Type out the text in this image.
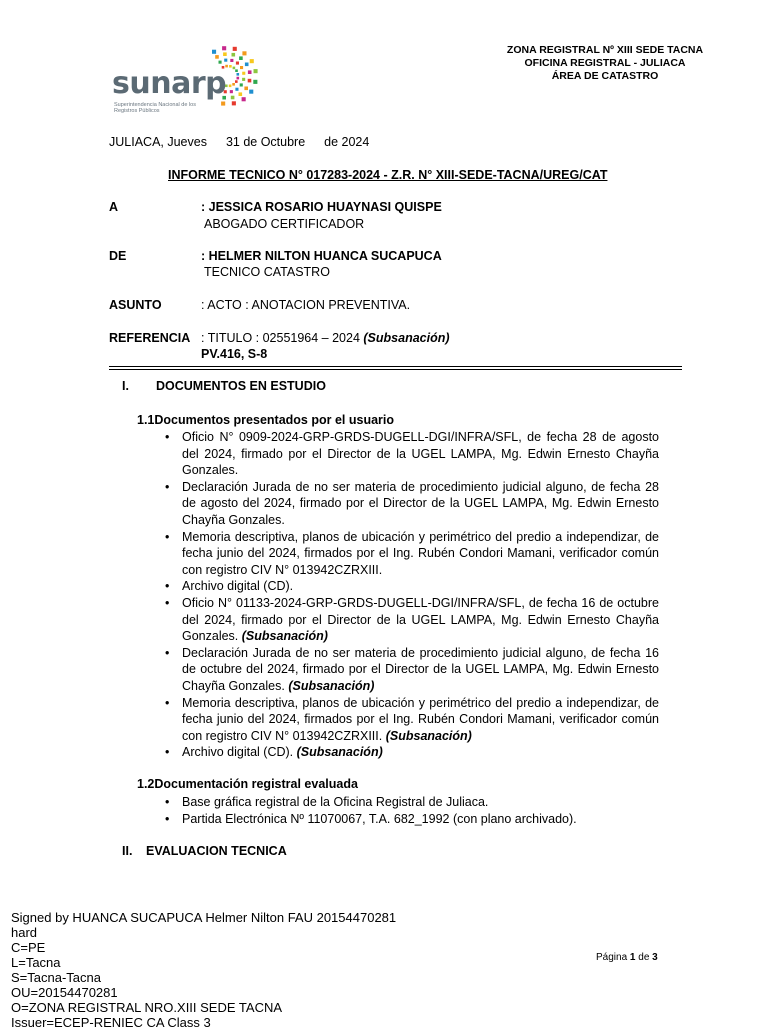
sunarp
Superintendencia Nacional de los Registros Públicos
ZONA REGISTRAL Nº XIII SEDE TACNA
OFICINA REGISTRAL - JULIACA
ÁREA DE CATASTRO
JULIACA, Jueves 31 de Octubre de 2024
INFORME TECNICO N° 017283-2024 - Z.R. N° XIII-SEDE-TACNA/UREG/CAT
A	: JESSICA ROSARIO HUAYNASI QUISPE
ABOGADO CERTIFICADOR
DE	: HELMER NILTON HUANCA SUCAPUCA
TECNICO CATASTRO
ASUNTO	: ACTO : ANOTACION PREVENTIVA.
REFERENCIA : TITULO : 02551964 – 2024 (Subsanación)
PV.416, S-8
I. DOCUMENTOS EN ESTUDIO
1.1Documentos presentados por el usuario
• Oficio N° 0909-2024-GRP-GRDS-DUGELL-DGI/INFRA/SFL, de fecha 28 de agosto del 2024, firmado por el Director de la UGEL LAMPA, Mg. Edwin Ernesto Chayña Gonzales.
• Declaración Jurada de no ser materia de procedimiento judicial alguno, de fecha 28 de agosto del 2024, firmado por el Director de la UGEL LAMPA, Mg. Edwin Ernesto Chayña Gonzales.
• Memoria descriptiva, planos de ubicación y perimétrico del predio a independizar, de fecha junio del 2024, firmados por el Ing. Rubén Condori Mamani, verificador común con registro CIV N° 013942CZRXIII.
• Archivo digital (CD).
• Oficio N° 01133-2024-GRP-GRDS-DUGELL-DGI/INFRA/SFL, de fecha 16 de octubre del 2024, firmado por el Director de la UGEL LAMPA, Mg. Edwin Ernesto Chayña Gonzales. (Subsanación)
• Declaración Jurada de no ser materia de procedimiento judicial alguno, de fecha 16 de octubre del 2024, firmado por el Director de la UGEL LAMPA, Mg. Edwin Ernesto Chayña Gonzales. (Subsanación)
• Memoria descriptiva, planos de ubicación y perimétrico del predio a independizar, de fecha junio del 2024, firmados por el Ing. Rubén Condori Mamani, verificador común con registro CIV N° 013942CZRXIII. (Subsanación)
• Archivo digital (CD). (Subsanación)
1.2Documentación registral evaluada
• Base gráfica registral de la Oficina Registral de Juliaca.
• Partida Electrónica Nº 11070067, T.A. 682_1992 (con plano archivado).
II. EVALUACION TECNICA
Signed by HUANCA SUCAPUCA Helmer Nilton FAU 20154470281
hard
C=PE
L=Tacna
S=Tacna-Tacna
OU=20154470281
O=ZONA REGISTRAL NRO.XIII SEDE TACNA
Issuer=ECEP-RENIEC CA Class 3
Página 1 de 3
